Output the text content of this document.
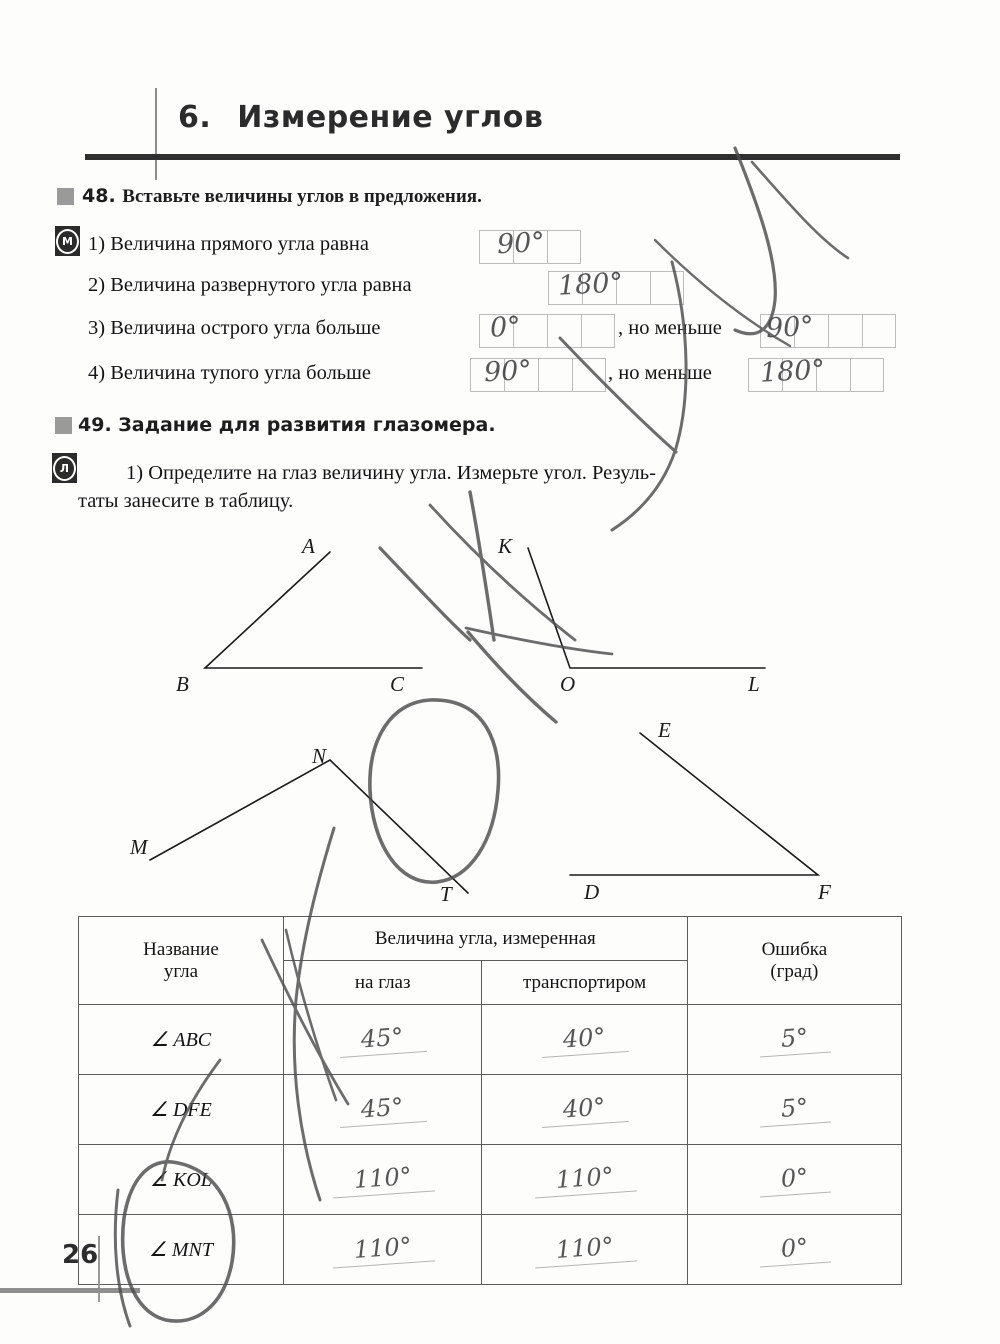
6. Измерение углов
48. Вставьте величины углов в предложения.
М 1) Величина прямого угла равна	90°
2) Величина развернутого угла равна	180°
3) Величина острого угла больше	0°	, но меньше 90°
4) Величина тупого угла больше	90°	, но меньше 180°
49. Задание для развития глазомера.
Л	1) Определите на глаз величину угла. Измерьте угол. Резуль-
таты занесите в таблицу.
A
B	C
K
O	L
N
M
T
E
D	F
Название
угла
	Величина угла, измеренная	
Ошибка
(град)

	на глаз	транспортиром	
∠ ABC	45°	40°	5°
∠ DFE	45°	40°	5°
∠ KOL	110°	110°	0°
∠ MNT	110°	110°	0°
26
